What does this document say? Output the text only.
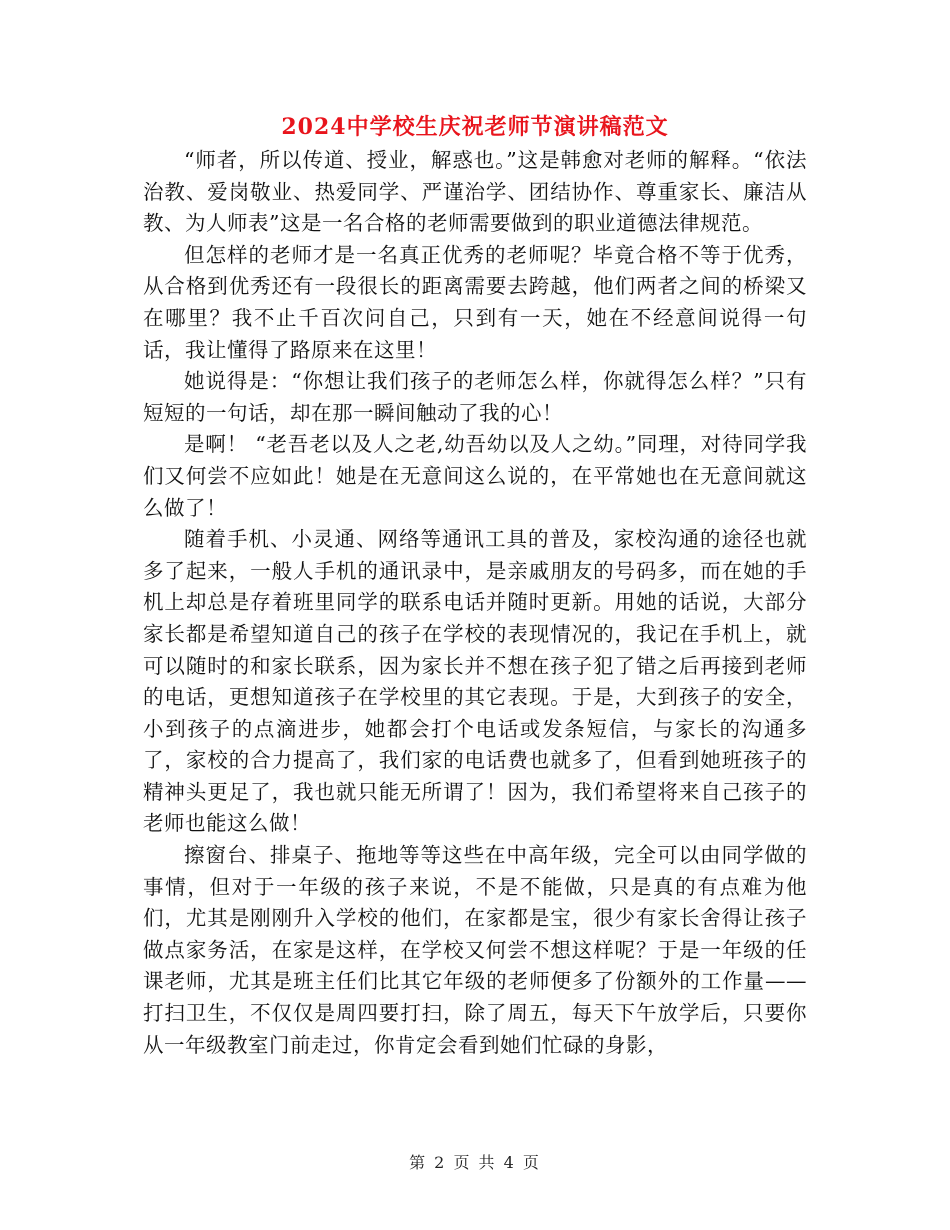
2024中学校生庆祝老师节演讲稿范文

“师者，所以传道、授业，解惑也。”这是韩愈对老师的解释。“依法治教、爱岗敬业、热爱同学、严谨治学、团结协作、尊重家长、廉洁从教、为人师表”这是一名合格的老师需要做到的职业道德法律规范。

但怎样的老师才是一名真正优秀的老师呢？毕竟合格不等于优秀，从合格到优秀还有一段很长的距离需要去跨越，他们两者之间的桥梁又在哪里？我不止千百次问自己，只到有一天，她在不经意间说得一句话，我让懂得了路原来在这里！

她说得是：“你想让我们孩子的老师怎么样，你就得怎么样？”只有短短的一句话，却在那一瞬间触动了我的心！

是啊！ “老吾老以及人之老,幼吾幼以及人之幼。”同理，对待同学我们又何尝不应如此！她是在无意间这么说的，在平常她也在无意间就这么做了！

随着手机、小灵通、网络等通讯工具的普及，家校沟通的途径也就多了起来，一般人手机的通讯录中，是亲戚朋友的号码多，而在她的手机上却总是存着班里同学的联系电话并随时更新。用她的话说，大部分家长都是希望知道自己的孩子在学校的表现情况的，我记在手机上，就可以随时的和家长联系，因为家长并不想在孩子犯了错之后再接到老师的电话，更想知道孩子在学校里的其它表现。于是，大到孩子的安全，小到孩子的点滴进步，她都会打个电话或发条短信，与家长的沟通多了，家校的合力提高了，我们家的电话费也就多了，但看到她班孩子的精神头更足了，我也就只能无所谓了！因为，我们希望将来自己孩子的老师也能这么做！

擦窗台、排桌子、拖地等等这些在中高年级，完全可以由同学做的事情，但对于一年级的孩子来说，不是不能做，只是真的有点难为他们，尤其是刚刚升入学校的他们，在家都是宝，很少有家长舍得让孩子做点家务活，在家是这样，在学校又何尝不想这样呢？于是一年级的任课老师，尤其是班主任们比其它年级的老师便多了份额外的工作量——打扫卫生，不仅仅是周四要打扫，除了周五，每天下午放学后，只要你从一年级教室门前走过，你肯定会看到她们忙碌的身影，

第 2 页 共 4 页
